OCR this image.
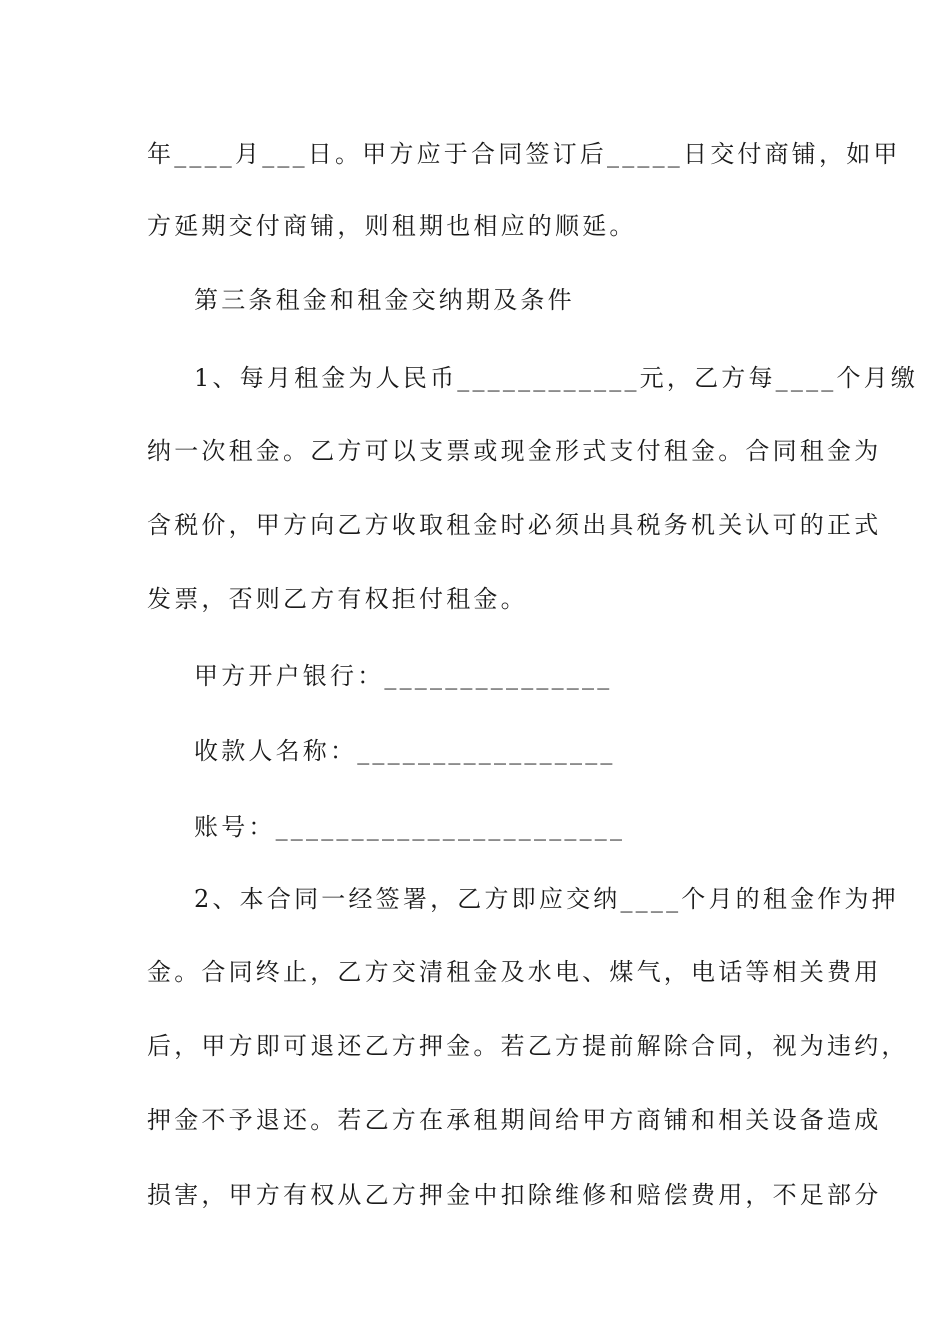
年____月___日。甲方应于合同签订后_____日交付商铺，如甲
方延期交付商铺，则租期也相应的顺延。
第三条租金和租金交纳期及条件
1、每月租金为人民币____________元，乙方每____个月缴
纳一次租金。乙方可以支票或现金形式支付租金。合同租金为
含税价，甲方向乙方收取租金时必须出具税务机关认可的正式
发票，否则乙方有权拒付租金。
甲方开户银行：_______________
收款人名称：_________________
账号：_______________________
2、本合同一经签署，乙方即应交纳____个月的租金作为押
金。合同终止，乙方交清租金及水电、煤气，电话等相关费用
后，甲方即可退还乙方押金。若乙方提前解除合同，视为违约，
押金不予退还。若乙方在承租期间给甲方商铺和相关设备造成
损害，甲方有权从乙方押金中扣除维修和赔偿费用，不足部分
